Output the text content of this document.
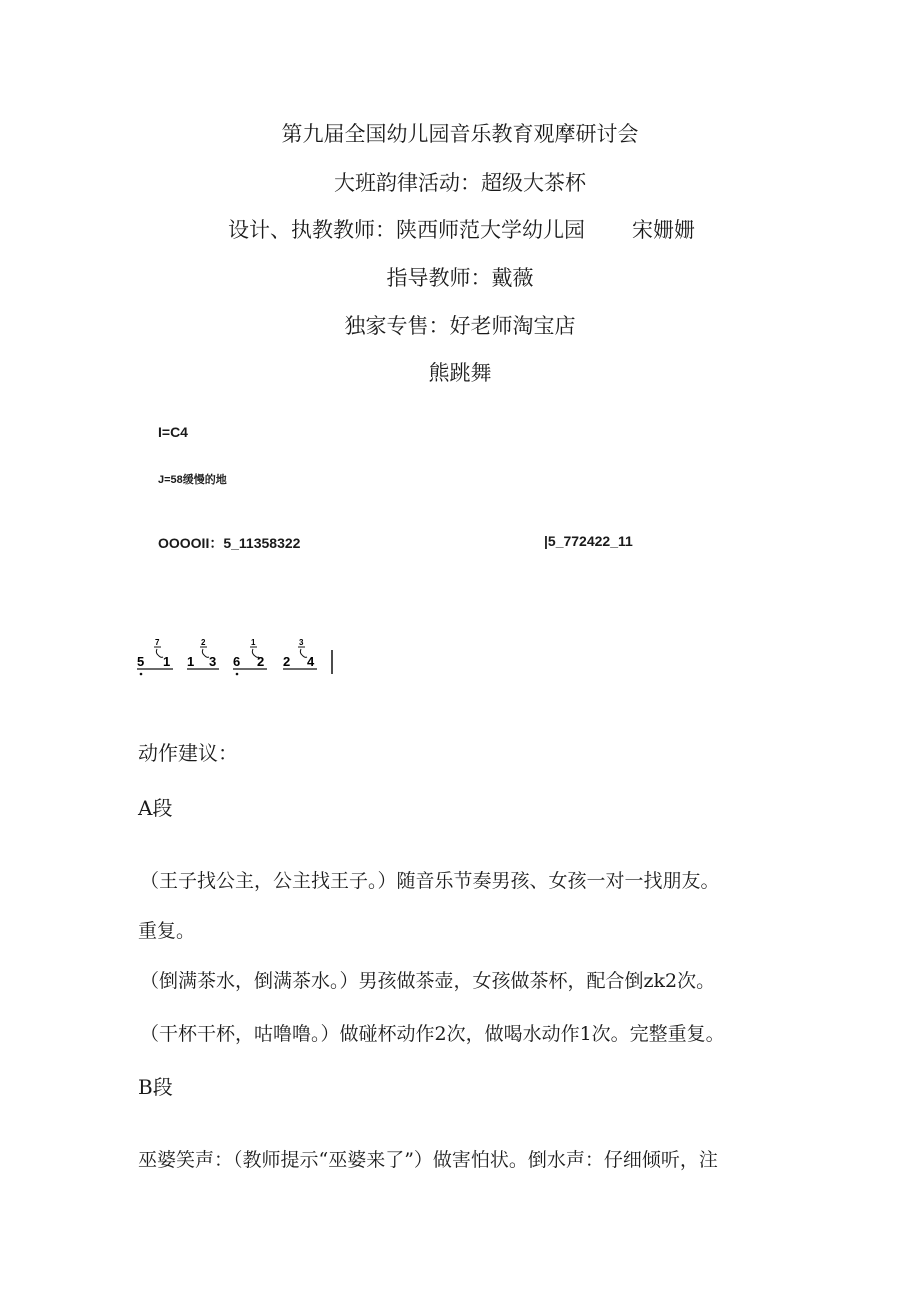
第九届全国幼儿园音乐教育观摩研讨会
大班韵律活动：超级大茶杯
设计、执教教师：陕西师范大学幼儿园 宋姗姗
指导教师：戴薇
独家专售：好老师淘宝店
熊跳舞
I=C4
J=58缓慢的地
OOOOII：5_11358322	|5_772422_11
7
5 1
2
1 3
1
6 2
3
2 4
动作建议：
A段
（王子找公主，公主找王子。）随音乐节奏男孩、女孩一对一找朋友。
重复。
（倒满茶水，倒满茶水。）男孩做茶壶，女孩做茶杯，配合倒zk2次。
（干杯干杯，咕噜噜。）做碰杯动作2次，做喝水动作1次。完整重复。
B段
巫婆笑声：（教师提示“巫婆来了”）做害怕状。倒水声：仔细倾听，注
